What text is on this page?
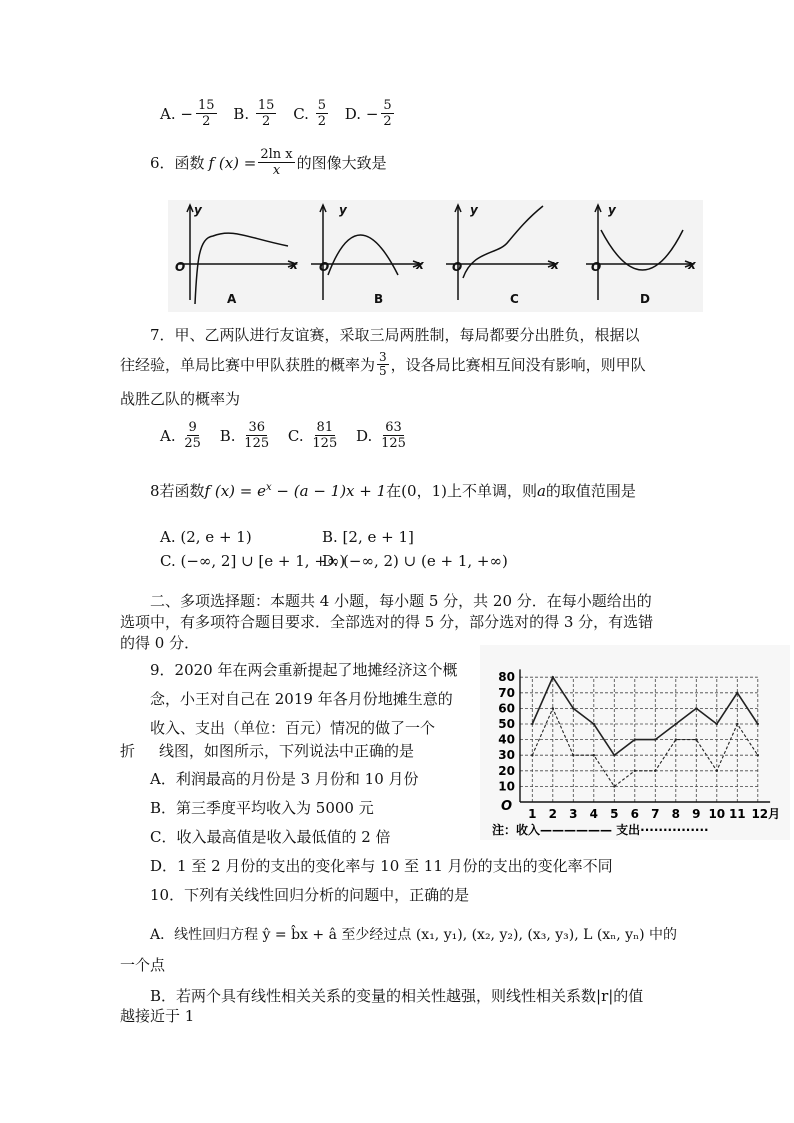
A.
− $\frac{15}{2}$
B.
$\frac{15}{2}$
C.
$\frac{5}{2}$
D.
− $\frac{5}{2}$
6．函数 f $(x) = \frac{\text{2ln x}}{x}$ 的图像大致是
y
O	x
A
y
O	x
B
y
O	x
C
y
O	x
D
7．甲、乙两队进行友谊赛，采取三局两胜制，每局都要分出胜负，根据以
往经验，单局比赛中甲队获胜的概率为 $\frac{3}{5}$ ，设各局比赛相互间没有影响，则甲队
战胜乙队的概率为
A.
$\frac{9}{25}$
B.
$\frac{36}{125}$
C.
$\frac{81}{125}$
D.
$\frac{63}{125}$
8若函数f $(x) = e^x - (a - 1)x + 1$在(0，1)上不单调，则a的取值范围是
A. (2, e + 1)	B. [2, e + 1]
C. (−∞, 2] ∪ [e + 1, +∞)
D. (−∞, 2) ∪ (e + 1, +∞)
二、多项选择题：本题共 4 小题，每小题 5 分，共 20 分．在每小题给出的
选项中，有多项符合题目要求．全部选对的得 5 分，部分选对的得 3 分，有选错
的得 0 分．
9．2020 年在两会重新提起了地摊经济这个概
念，小王对自己在 2019 年各月份地摊生意的
收入、支出（单位：百元）情况的做了一个
折 线图，如图所示，下列说法中正确的是
A．利润最高的月份是 3 月份和 10 月份
B．第三季度平均收入为 5000 元
C．收入最高值是收入最低值的 2 倍
D．1 至 2 月份的支出的变化率与 10 至 11 月份的支出的变化率不同
10
20
30
40
50
60
70
80
O 1 2 3 4 5 6 7 8 9 10 11 12月
注：收入—————— 支出···············
10．下列有关线性回归分析的问题中，正确的是
A．线性回归方程 ŷ = b̂x + â 至少经过点 (x₁, y₁), (x₂, y₂), (x₃, y₃), L (xₙ, yₙ) 中的
一个点
B．若两个具有线性相关关系的变量的相关性越强，则线性相关系数|r|的值
越接近于 1
